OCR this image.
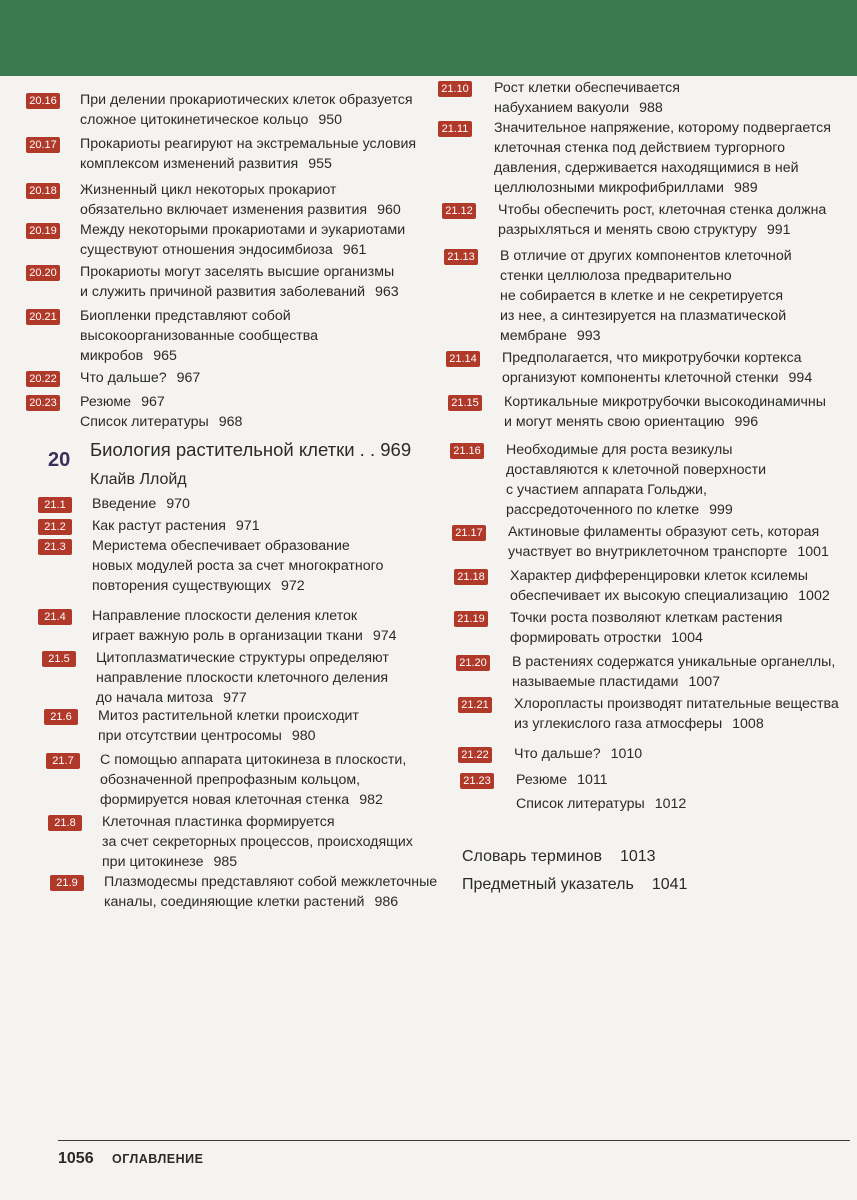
20.16 При делении прокариотических клеток образуется
сложное цитокинетическое кольцо 950
20.17 Прокариоты реагируют на экстремальные условия
комплексом изменений развития 955
20.18 Жизненный цикл некоторых прокариот
обязательно включает изменения развития 960
20.19 Между некоторыми прокариотами и эукариотами
существуют отношения эндосимбиоза 961
20.20 Прокариоты могут заселять высшие организмы
и служить причиной развития заболеваний 963
20.21 Биопленки представляют собой
высокоорганизованные сообщества
микробов 965
20.22 Что дальше? 967
20.23 Резюме 967
Список литературы 968
20 Биология растительной клетки . . 969
Клайв Ллойд
21.1	Введение 970
21.2	Как растут растения 971
21.3	Меристема обеспечивает образование
новых модулей роста за счет многократного
повторения существующих 972
21.4	Направление плоскости деления клеток
играет важную роль в организации ткани 974
21.5	Цитоплазматические структуры определяют
направление плоскости клеточного деления
до начала митоза 977
21.6	Митоз растительной клетки происходит
при отсутствии центросомы 980
21.7	С помощью аппарата цитокинеза в плоскости,
обозначенной препрофазным кольцом,
формируется новая клеточная стенка 982
21.8	Клеточная пластинка формируется
за счет секреторных процессов, происходящих
при цитокинезе 985
21.9	Плазмодесмы представляют собой межклеточные
каналы, соединяющие клетки растений 986
21.10 Рост клетки обеспечивается
набуханием вакуоли 988
21.11 Значительное напряжение, которому подвергается
клеточная стенка под действием тургорного
давления, сдерживается находящимися в ней
целлюлозными микрофибриллами 989
21.12 Чтобы обеспечить рост, клеточная стенка должна
разрыхляться и менять свою структуру 991
21.13 В отличие от других компонентов клеточной
стенки целлюлоза предварительно
не собирается в клетке и не секретируется
из нее, а синтезируется на плазматической
мембране 993
21.14 Предполагается, что микротрубочки кортекса
организуют компоненты клеточной стенки 994
21.15 Кортикальные микротрубочки высокодинамичны
и могут менять свою ориентацию 996
21.16 Необходимые для роста везикулы
доставляются к клеточной поверхности
с участием аппарата Гольджи,
рассредоточенного по клетке 999
21.17 Актиновые филаменты образуют сеть, которая
участвует во внутриклеточном транспорте 1001
21.18 Характер дифференцировки клеток ксилемы
обеспечивает их высокую специализацию 1002
21.19 Точки роста позволяют клеткам растения
формировать отростки 1004
21.20 В растениях содержатся уникальные органеллы,
называемые пластидами 1007
21.21 Хлоропласты производят питательные вещества
из углекислого газа атмосферы 1008
21.22 Что дальше? 1010
21.23 Резюме 1011
Список литературы 1012
Словарь терминов 1013
Предметный указатель 1041
1056 ОГЛАВЛЕНИЕ
